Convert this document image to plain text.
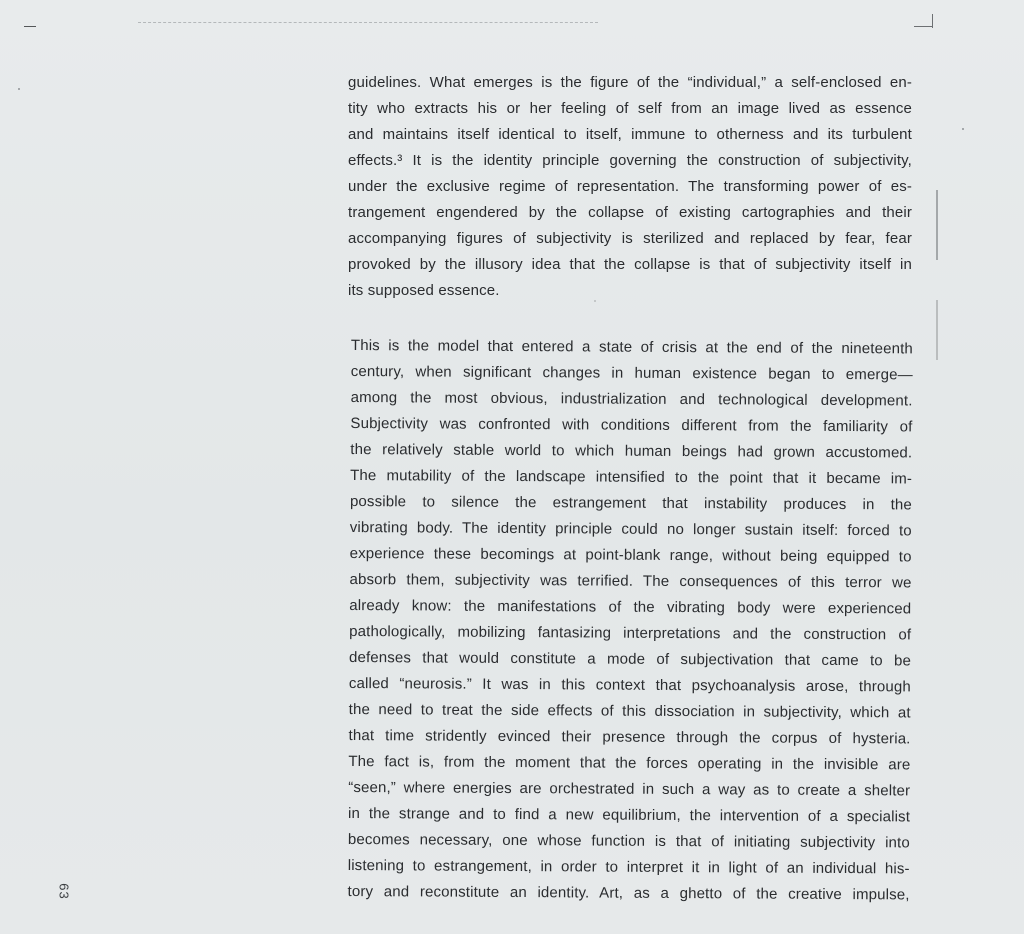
guidelines. What emerges is the figure of the “individual,” a self-enclosed en-
tity who extracts his or her feeling of self from an image lived as essence
and maintains itself identical to itself, immune to otherness and its turbulent
effects.³ It is the identity principle governing the construction of subjectivity,
under the exclusive regime of representation. The transforming power of es-
trangement engendered by the collapse of existing cartographies and their
accompanying figures of subjectivity is sterilized and replaced by fear, fear
provoked by the illusory idea that the collapse is that of subjectivity itself in
its supposed essence.
This is the model that entered a state of crisis at the end of the nineteenth
century, when significant changes in human existence began to emerge—
among the most obvious, industrialization and technological development.
Subjectivity was confronted with conditions different from the familiarity of
the relatively stable world to which human beings had grown accustomed.
The mutability of the landscape intensified to the point that it became im-
possible to silence the estrangement that instability produces in the
vibrating body. The identity principle could no longer sustain itself: forced to
experience these becomings at point-blank range, without being equipped to
absorb them, subjectivity was terrified. The consequences of this terror we
already know: the manifestations of the vibrating body were experienced
pathologically, mobilizing fantasizing interpretations and the construction of
defenses that would constitute a mode of subjectivation that came to be
called “neurosis.” It was in this context that psychoanalysis arose, through
the need to treat the side effects of this dissociation in subjectivity, which at
that time stridently evinced their presence through the corpus of hysteria.
The fact is, from the moment that the forces operating in the invisible are
“seen,” where energies are orchestrated in such a way as to create a shelter
in the strange and to find a new equilibrium, the intervention of a specialist
becomes necessary, one whose function is that of initiating subjectivity into
listening to estrangement, in order to interpret it in light of an individual his-
tory and reconstitute an identity. Art, as a ghetto of the creative impulse,
63
